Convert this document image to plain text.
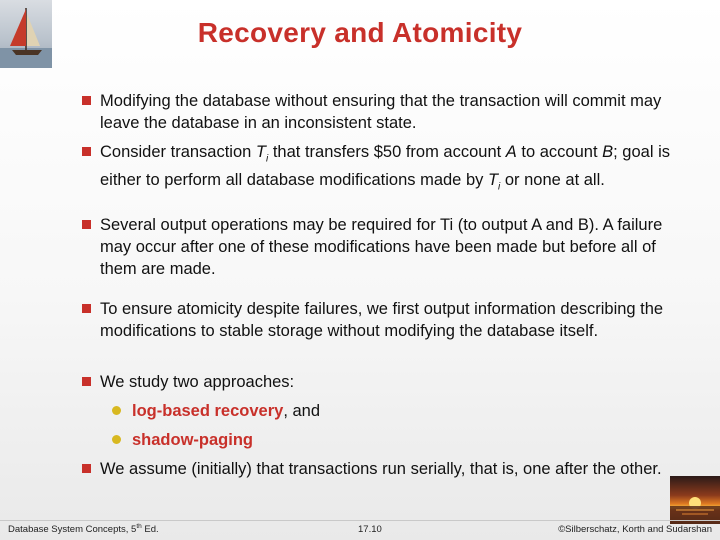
Recovery and Atomicity
Modifying the database without ensuring that the transaction will commit may leave the database in an inconsistent state.
Consider transaction $T_i$ that transfers $50 from account A to account B; goal is either to perform all database modifications made by $T_i$ or none at all.
Several output operations may be required for Ti (to output A and B). A failure may occur after one of these modifications have been made but before all of them are made.
To ensure atomicity despite failures, we first output information describing the modifications to stable storage without modifying the database itself.
We study two approaches:
log-based recovery, and
shadow-paging
We assume (initially) that transactions run serially, that is, one after the other.
Database System Concepts, 5th Ed.	17.10	©Silberschatz, Korth and Sudarshan
